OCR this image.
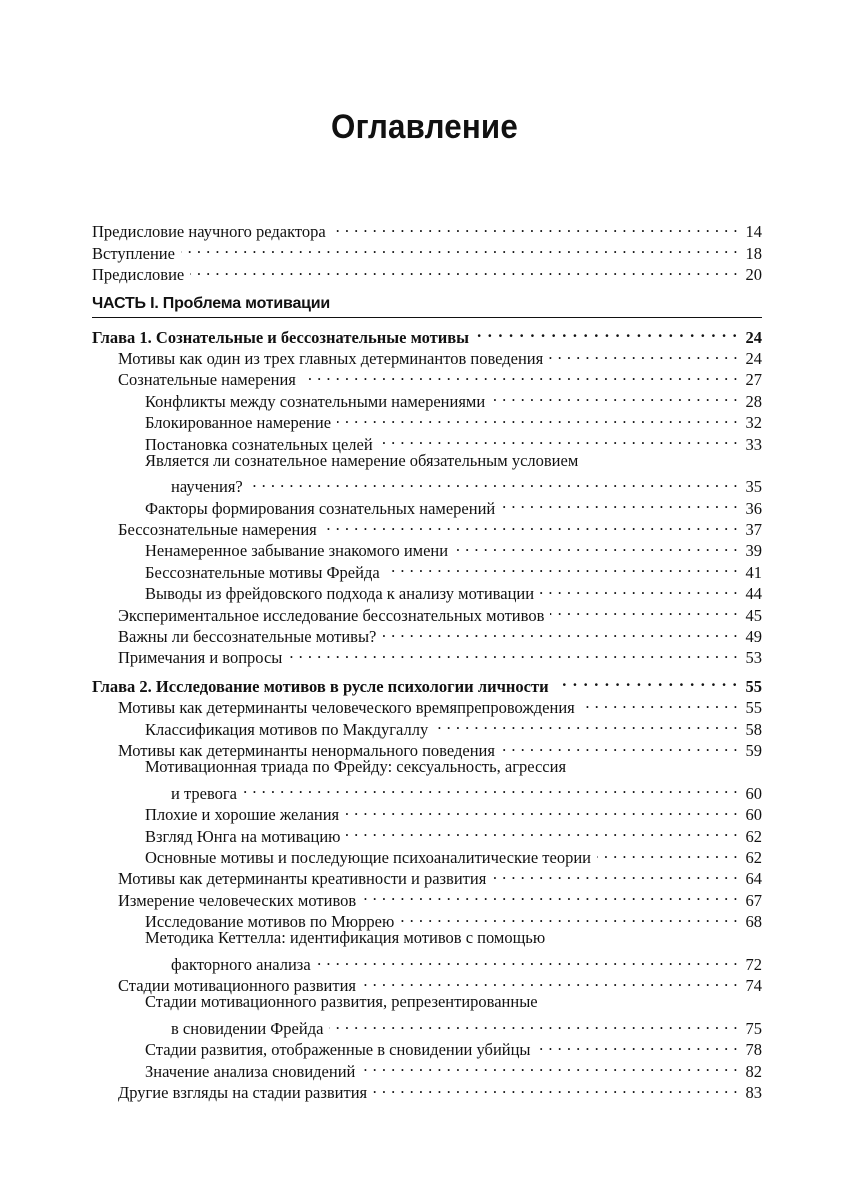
Оглавление
Предисловие научного редактора . . .	14
Вступление . . .	18
Предисловие . . .	20
ЧАСТЬ I. Проблема мотивации
Глава 1. Сознательные и бессознательные мотивы . . .	24
Мотивы как один из трех главных детерминантов поведения . . .	24
Сознательные намерения . . .	27
Конфликты между сознательными намерениями . . .	28
Блокированное намерение . . .	32
Постановка сознательных целей . . .	33
Является ли сознательное намерение обязательным условием
научения? . . .	35
Факторы формирования сознательных намерений . . .	36
Бессознательные намерения . . .	37
Ненамеренное забывание знакомого имени . . .	39
Бессознательные мотивы Фрейда . . .	41
Выводы из фрейдовского подхода к анализу мотивации . . .	44
Экспериментальное исследование бессознательных мотивов . . .	45
Важны ли бессознательные мотивы? . . .	49
Примечания и вопросы . . .	53
Глава 2. Исследование мотивов в русле психологии личности . . .	55
Мотивы как детерминанты человеческого времяпрепровождения . . .	55
Классификация мотивов по Макдугаллу . . .	58
Мотивы как детерминанты ненормального поведения . . .	59
Мотивационная триада по Фрейду: сексуальность, агрессия
и тревога . . .	60
Плохие и хорошие желания . . .	60
Взгляд Юнга на мотивацию . . .	62
Основные мотивы и последующие психоаналитические теории . . .	62
Мотивы как детерминанты креативности и развития . . .	64
Измерение человеческих мотивов . . .	67
Исследование мотивов по Мюррею . . .	68
Методика Кеттелла: идентификация мотивов с помощью
факторного анализа . . .	72
Стадии мотивационного развития . . .	74
Стадии мотивационного развития, репрезентированные
в сновидении Фрейда . . .	75
Стадии развития, отображенные в сновидении убийцы . . .	78
Значение анализа сновидений . . .	82
Другие взгляды на стадии развития . . .	83
